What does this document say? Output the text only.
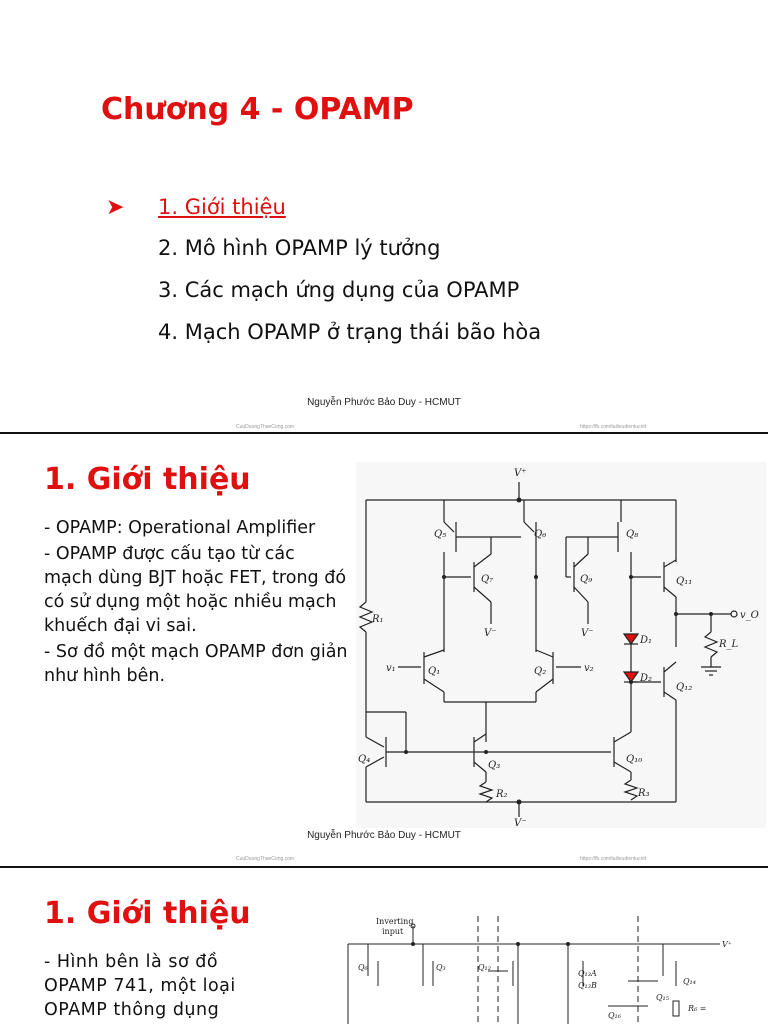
Chương 4 - OPAMP
➤ 1. Giới thiệu
2. Mô hình OPAMP lý tưởng
3. Các mạch ứng dụng của OPAMP
4. Mạch OPAMP ở trạng thái bão hòa
Nguyễn Phước Bảo Duy - HCMUT
CuuDuongThanCong.com	https://fb.com/tailieudientucntt
1. Giới thiệu

- OPAMP: Operational Amplifier

- OPAMP được cấu tạo từ các mạch dùng BJT hoặc FET, trong đó có sử dụng một hoặc nhiều mạch khuếch đại vi sai.

- Sơ đồ một mạch OPAMP đơn giản như hình bên.

V⁺
V⁻
V⁻	V⁻
Q₅	Q₆
Q₇
Q₈
Q₉	Q₁₁
Q₁₂
D₁
D₂
R₁
R_L
v_O
v₁	Q₁	Q₂	v₂
Q₄
Q₃
R₂
Q₁₀
R₃
Nguyễn Phước Bảo Duy - HCMUT
CuuDuongThanCong.com	https://fb.com/tailieudientucntt
1. Giới thiệu

- Hình bên là sơ đồ OPAMP 741, một loại OPAMP thông dụng

Inverting
input
V⁺
Q₆	Q₃	Q₁₂
Q₁₃A
Q₁₃B	Q₁₄
Q₁₅
Q₁₆
R₆ =
